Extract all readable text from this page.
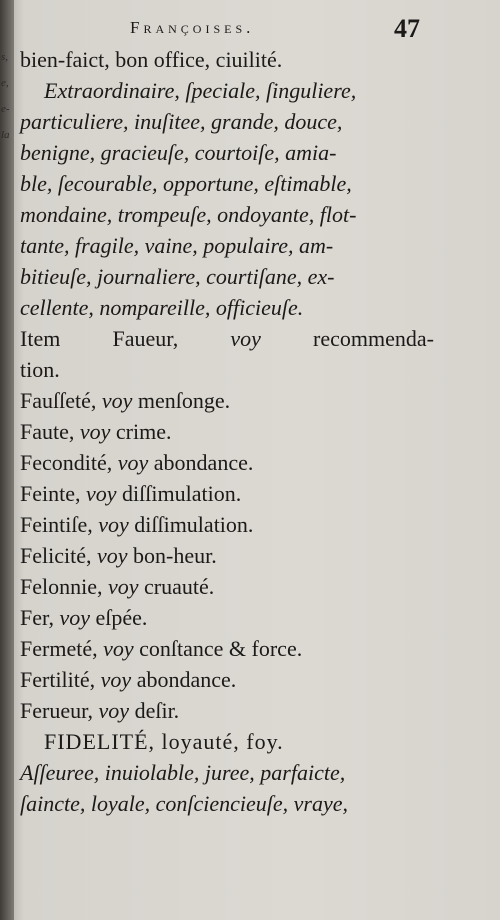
s,
e,
e-
la
Françoises.	47
bien-faict, bon office, ciuilité.
Extraordinaire, ſpeciale, ſinguliere,
particuliere, inuſitee, grande, douce,
benigne, gracieuſe, courtoiſe, amia-
ble, ſecourable, opportune, eſtimable,
mondaine, trompeuſe, ondoyante, flot-
tante, fragile, vaine, populaire, am-
bitieuſe, journaliere, courtiſane, ex-
cellente, nompareille, officieuſe.
Item Faueur, voy recommenda-
tion.
Fauſſeté, voy menſonge.
Faute, voy crime.
Fecondité, voy abondance.
Feinte, voy diſſimulation.
Feintiſe, voy diſſimulation.
Felicité, voy bon-heur.
Felonnie, voy cruauté.
Fer, voy eſpée.
Fermeté, voy conſtance & force.
Fertilité, voy abondance.
Feruеur, voy deſir.
FIDELITÉ, loyauté, foy.
Aſſeuree, inuiolable, juree, parfaicte,
ſaincte, loyale, conſciencieuſe, vraye,
